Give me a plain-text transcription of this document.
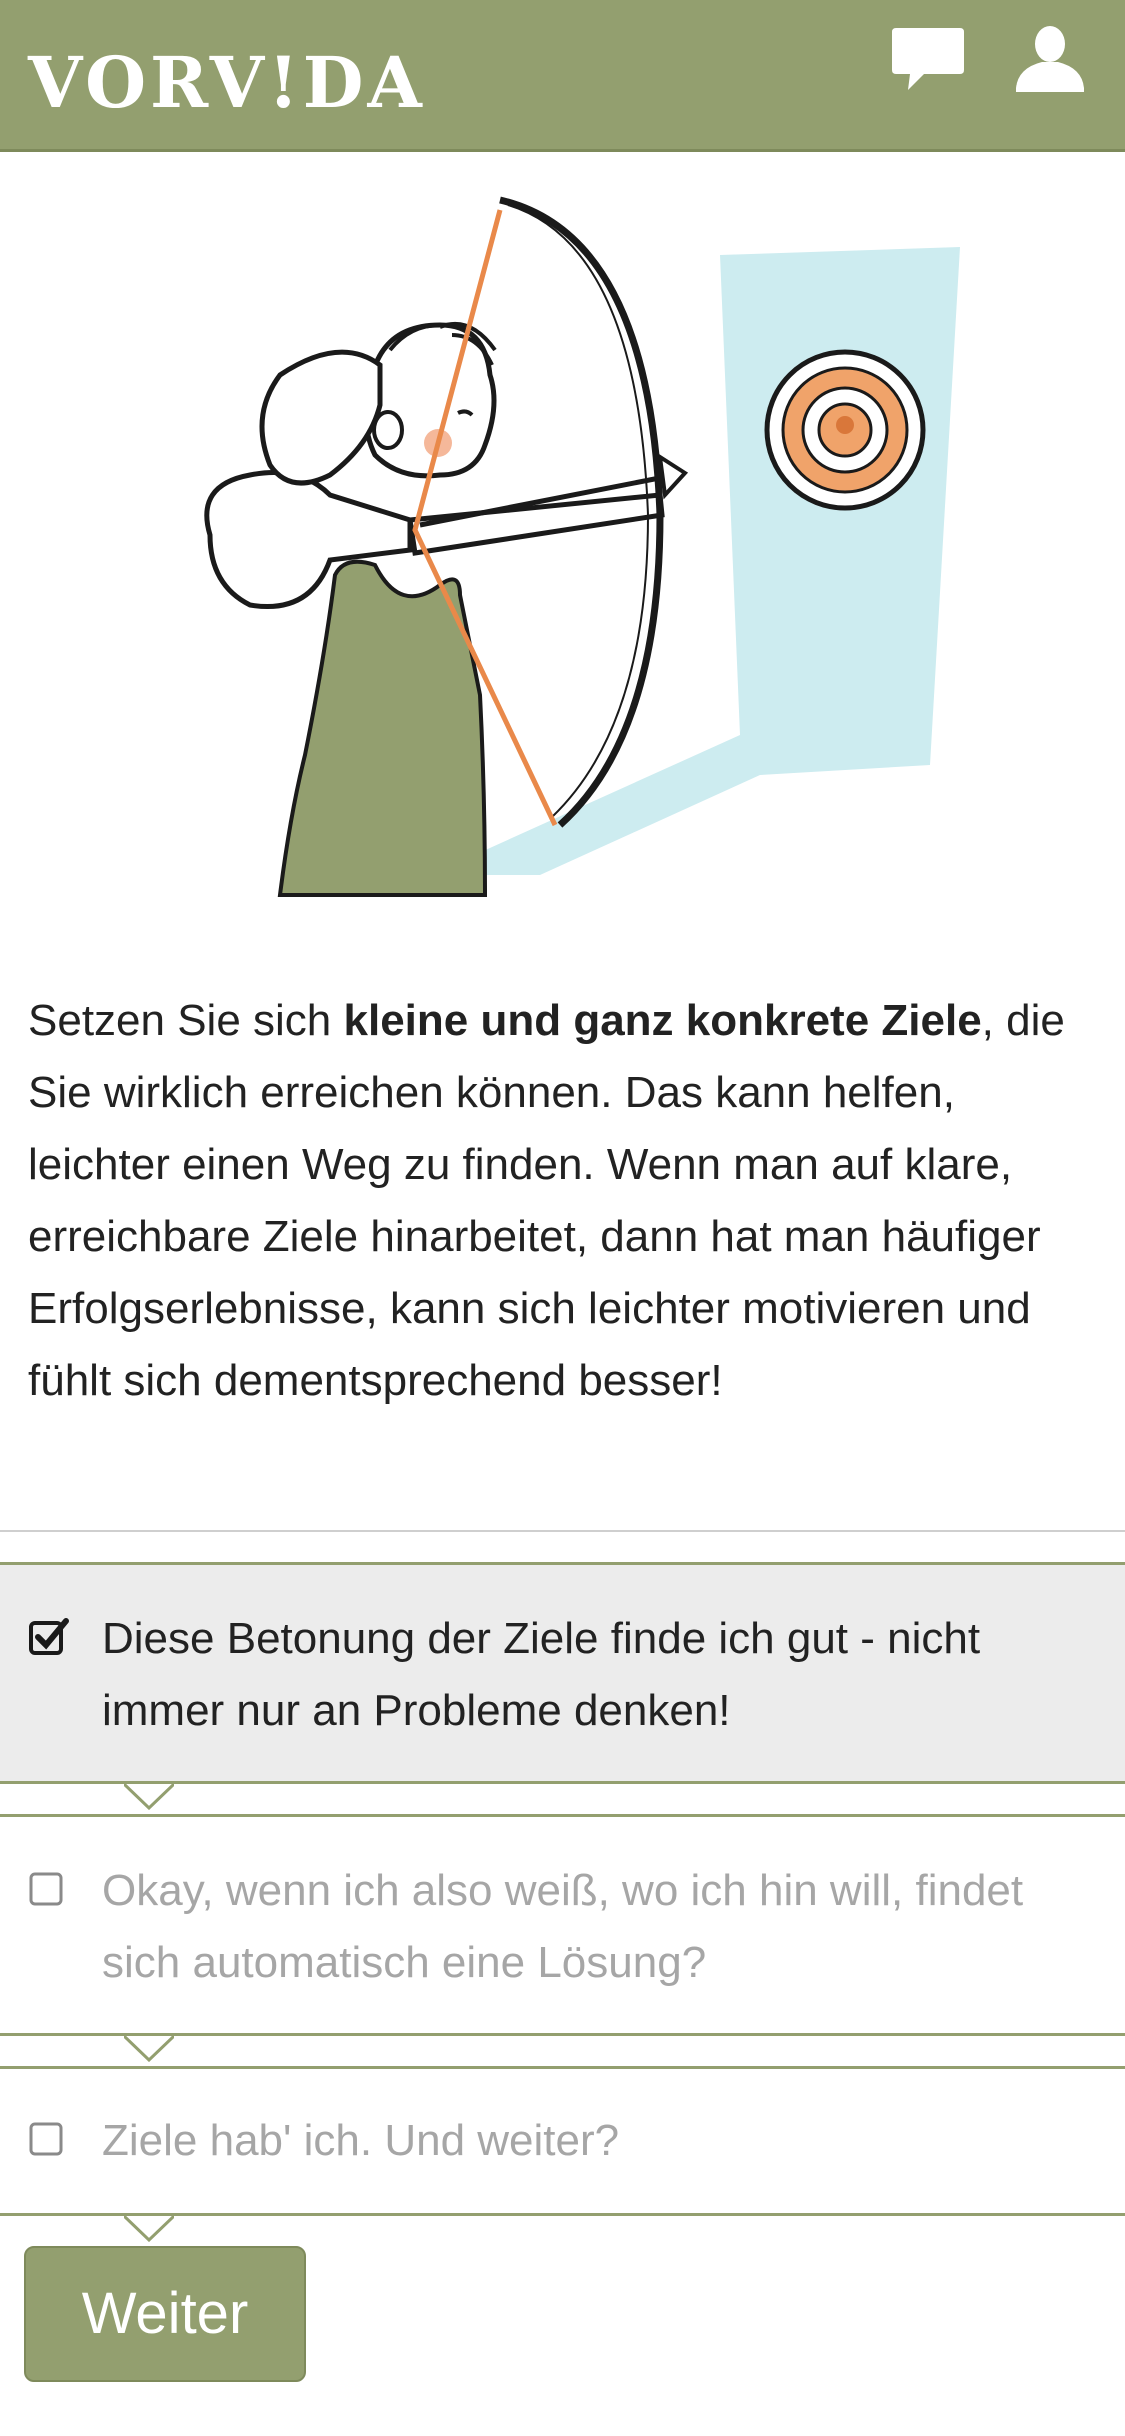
VORV!DA
Setzen Sie sich kleine und ganz konkrete Ziele, die Sie wirklich erreichen können. Das kann helfen, leichter einen Weg zu finden. Wenn man auf klare, erreichbare Ziele hinarbeitet, dann hat man häufiger Erfolgserlebnisse, kann sich leichter motivieren und fühlt sich dementsprechend besser!
Diese Betonung der Ziele finde ich gut - nicht immer nur an Probleme denken!
Okay, wenn ich also weiß, wo ich hin will, findet sich automatisch eine Lösung?
Ziele hab' ich. Und weiter?
Weiter
